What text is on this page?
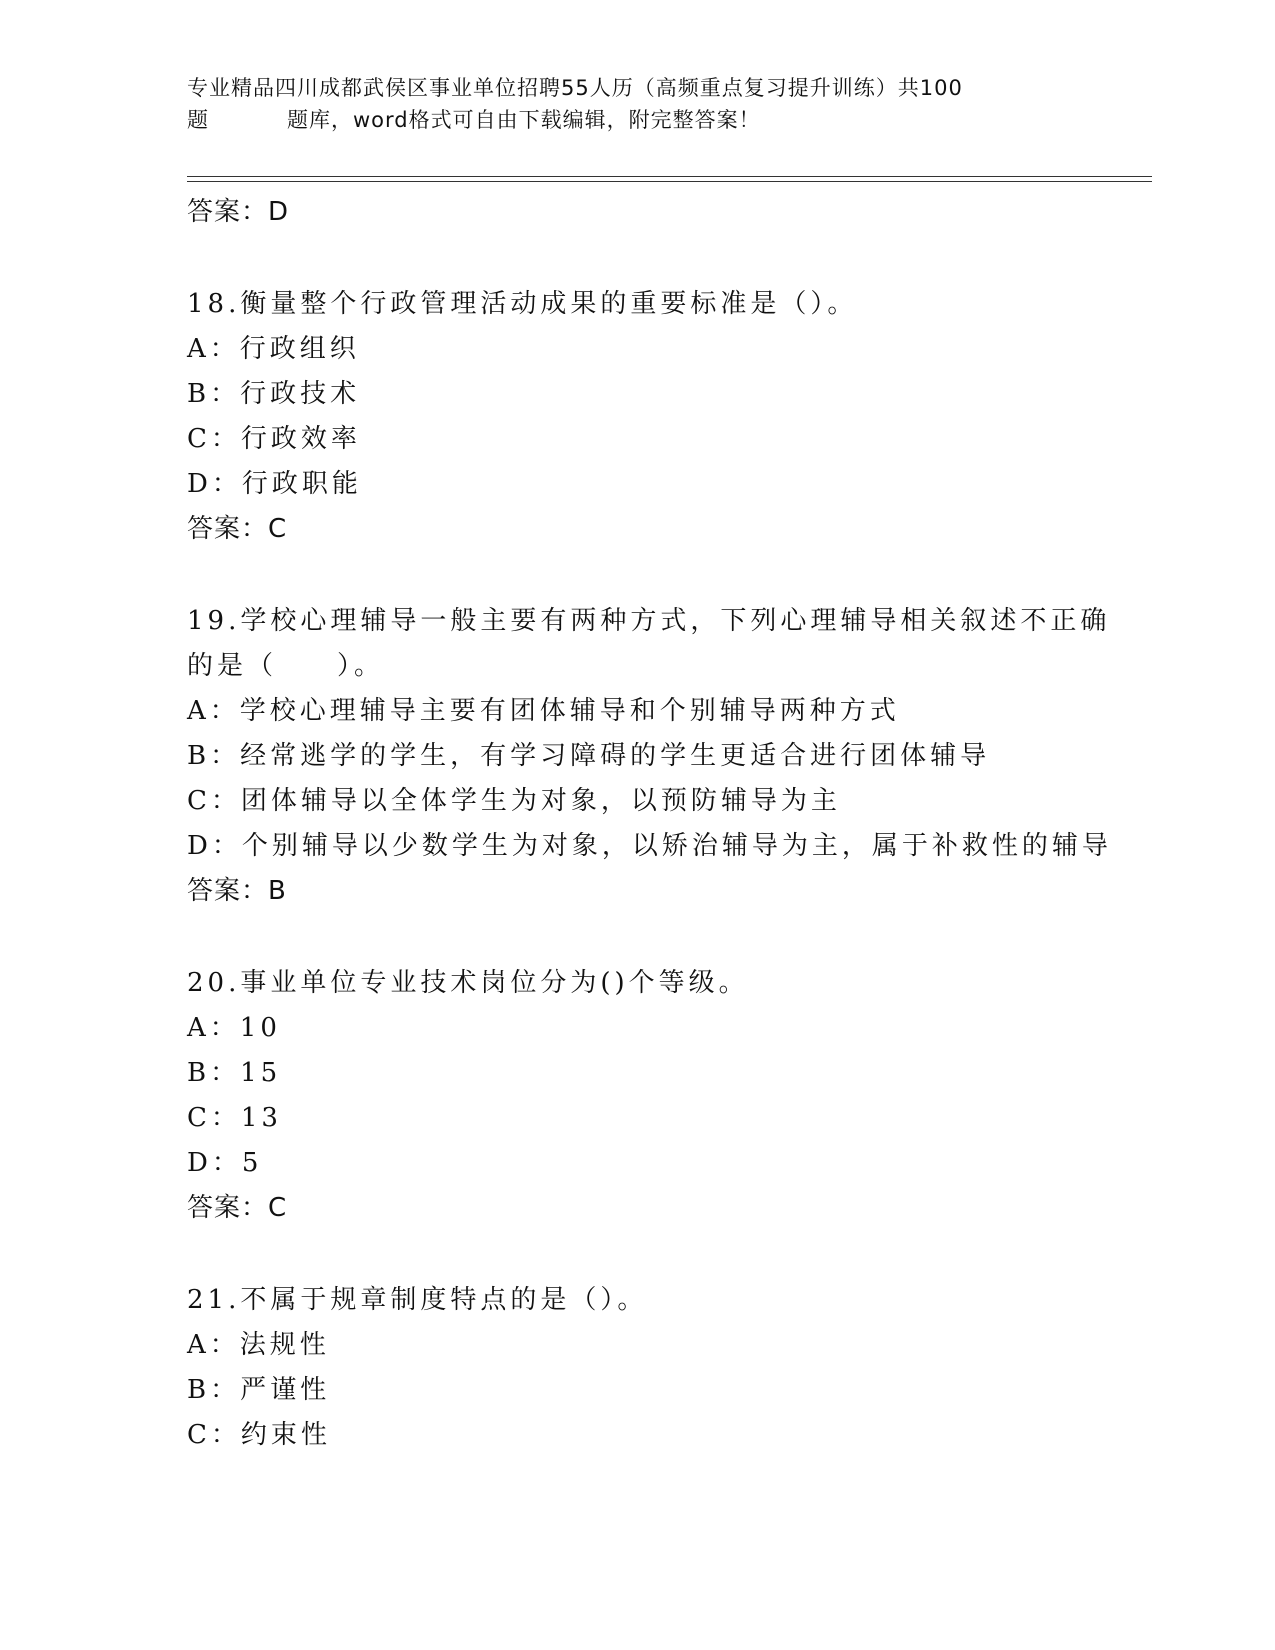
专业精品四川成都武侯区事业单位招聘55人历（高频重点复习提升训练）共100
题	题库，word格式可自由下载编辑，附完整答案！
答案：D
18.衡量整个行政管理活动成果的重要标准是（）。
A：行政组织
B：行政技术
C：行政效率
D：行政职能
答案：C
19.学校心理辅导一般主要有两种方式，下列心理辅导相关叙述不正确
的是（　　）。
A：学校心理辅导主要有团体辅导和个别辅导两种方式
B：经常逃学的学生，有学习障碍的学生更适合进行团体辅导
C：团体辅导以全体学生为对象，以预防辅导为主
D：个别辅导以少数学生为对象，以矫治辅导为主，属于补救性的辅导
答案：B
20.事业单位专业技术岗位分为()个等级。
A：10
B：15
C：13
D：5
答案：C
21.不属于规章制度特点的是（）。
A：法规性
B：严谨性
C：约束性
